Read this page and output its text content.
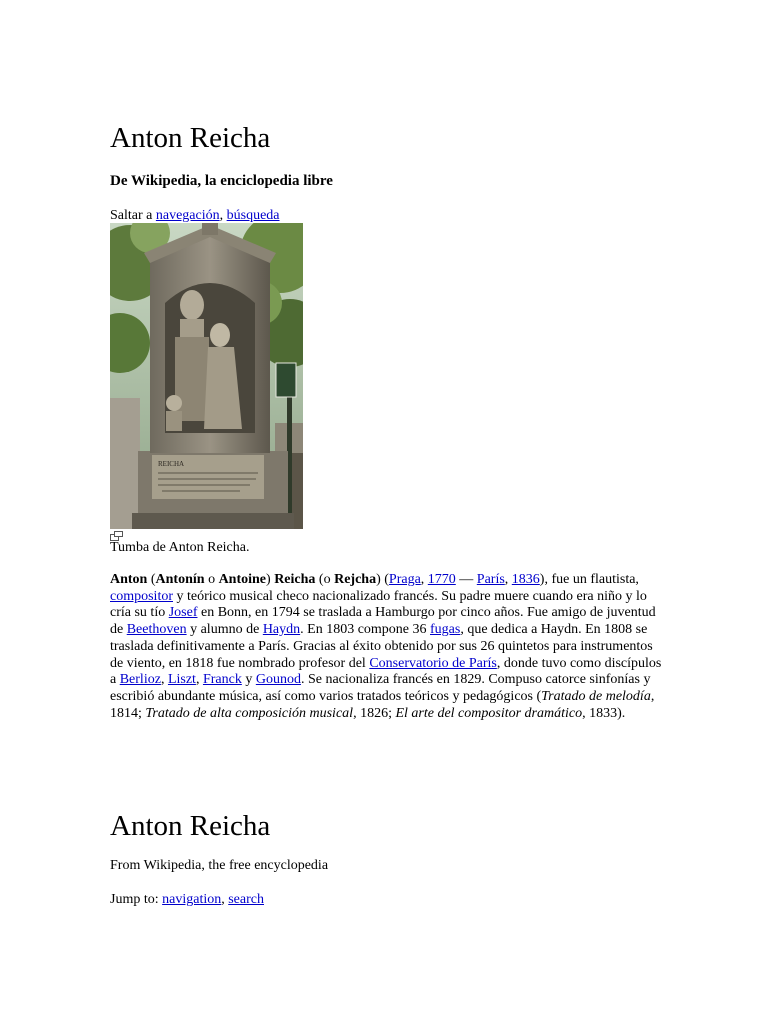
Anton Reicha
De Wikipedia, la enciclopedia libre
Saltar a navegación, búsqueda
REICHA
Tumba de Anton Reicha.
Anton (Antonín o Antoine) Reicha (o Rejcha) (Praga, 1770 — París, 1836), fue un flautista, compositor y teórico musical checo nacionalizado francés. Su padre muere cuando era niño y lo cría su tío Josef en Bonn, en 1794 se traslada a Hamburgo por cinco años. Fue amigo de juventud de Beethoven y alumno de Haydn. En 1803 compone 36 fugas, que dedica a Haydn. En 1808 se traslada definitivamente a París. Gracias al éxito obtenido por sus 26 quintetos para instrumentos de viento, en 1818 fue nombrado profesor del Conservatorio de París, donde tuvo como discípulos a Berlioz, Liszt, Franck y Gounod. Se nacionaliza francés en 1829. Compuso catorce sinfonías y escribió abundante música, así como varios tratados teóricos y pedagógicos (Tratado de melodía, 1814; Tratado de alta composición musical, 1826; El arte del compositor dramático, 1833).
Anton Reicha
From Wikipedia, the free encyclopedia
Jump to: navigation, search
